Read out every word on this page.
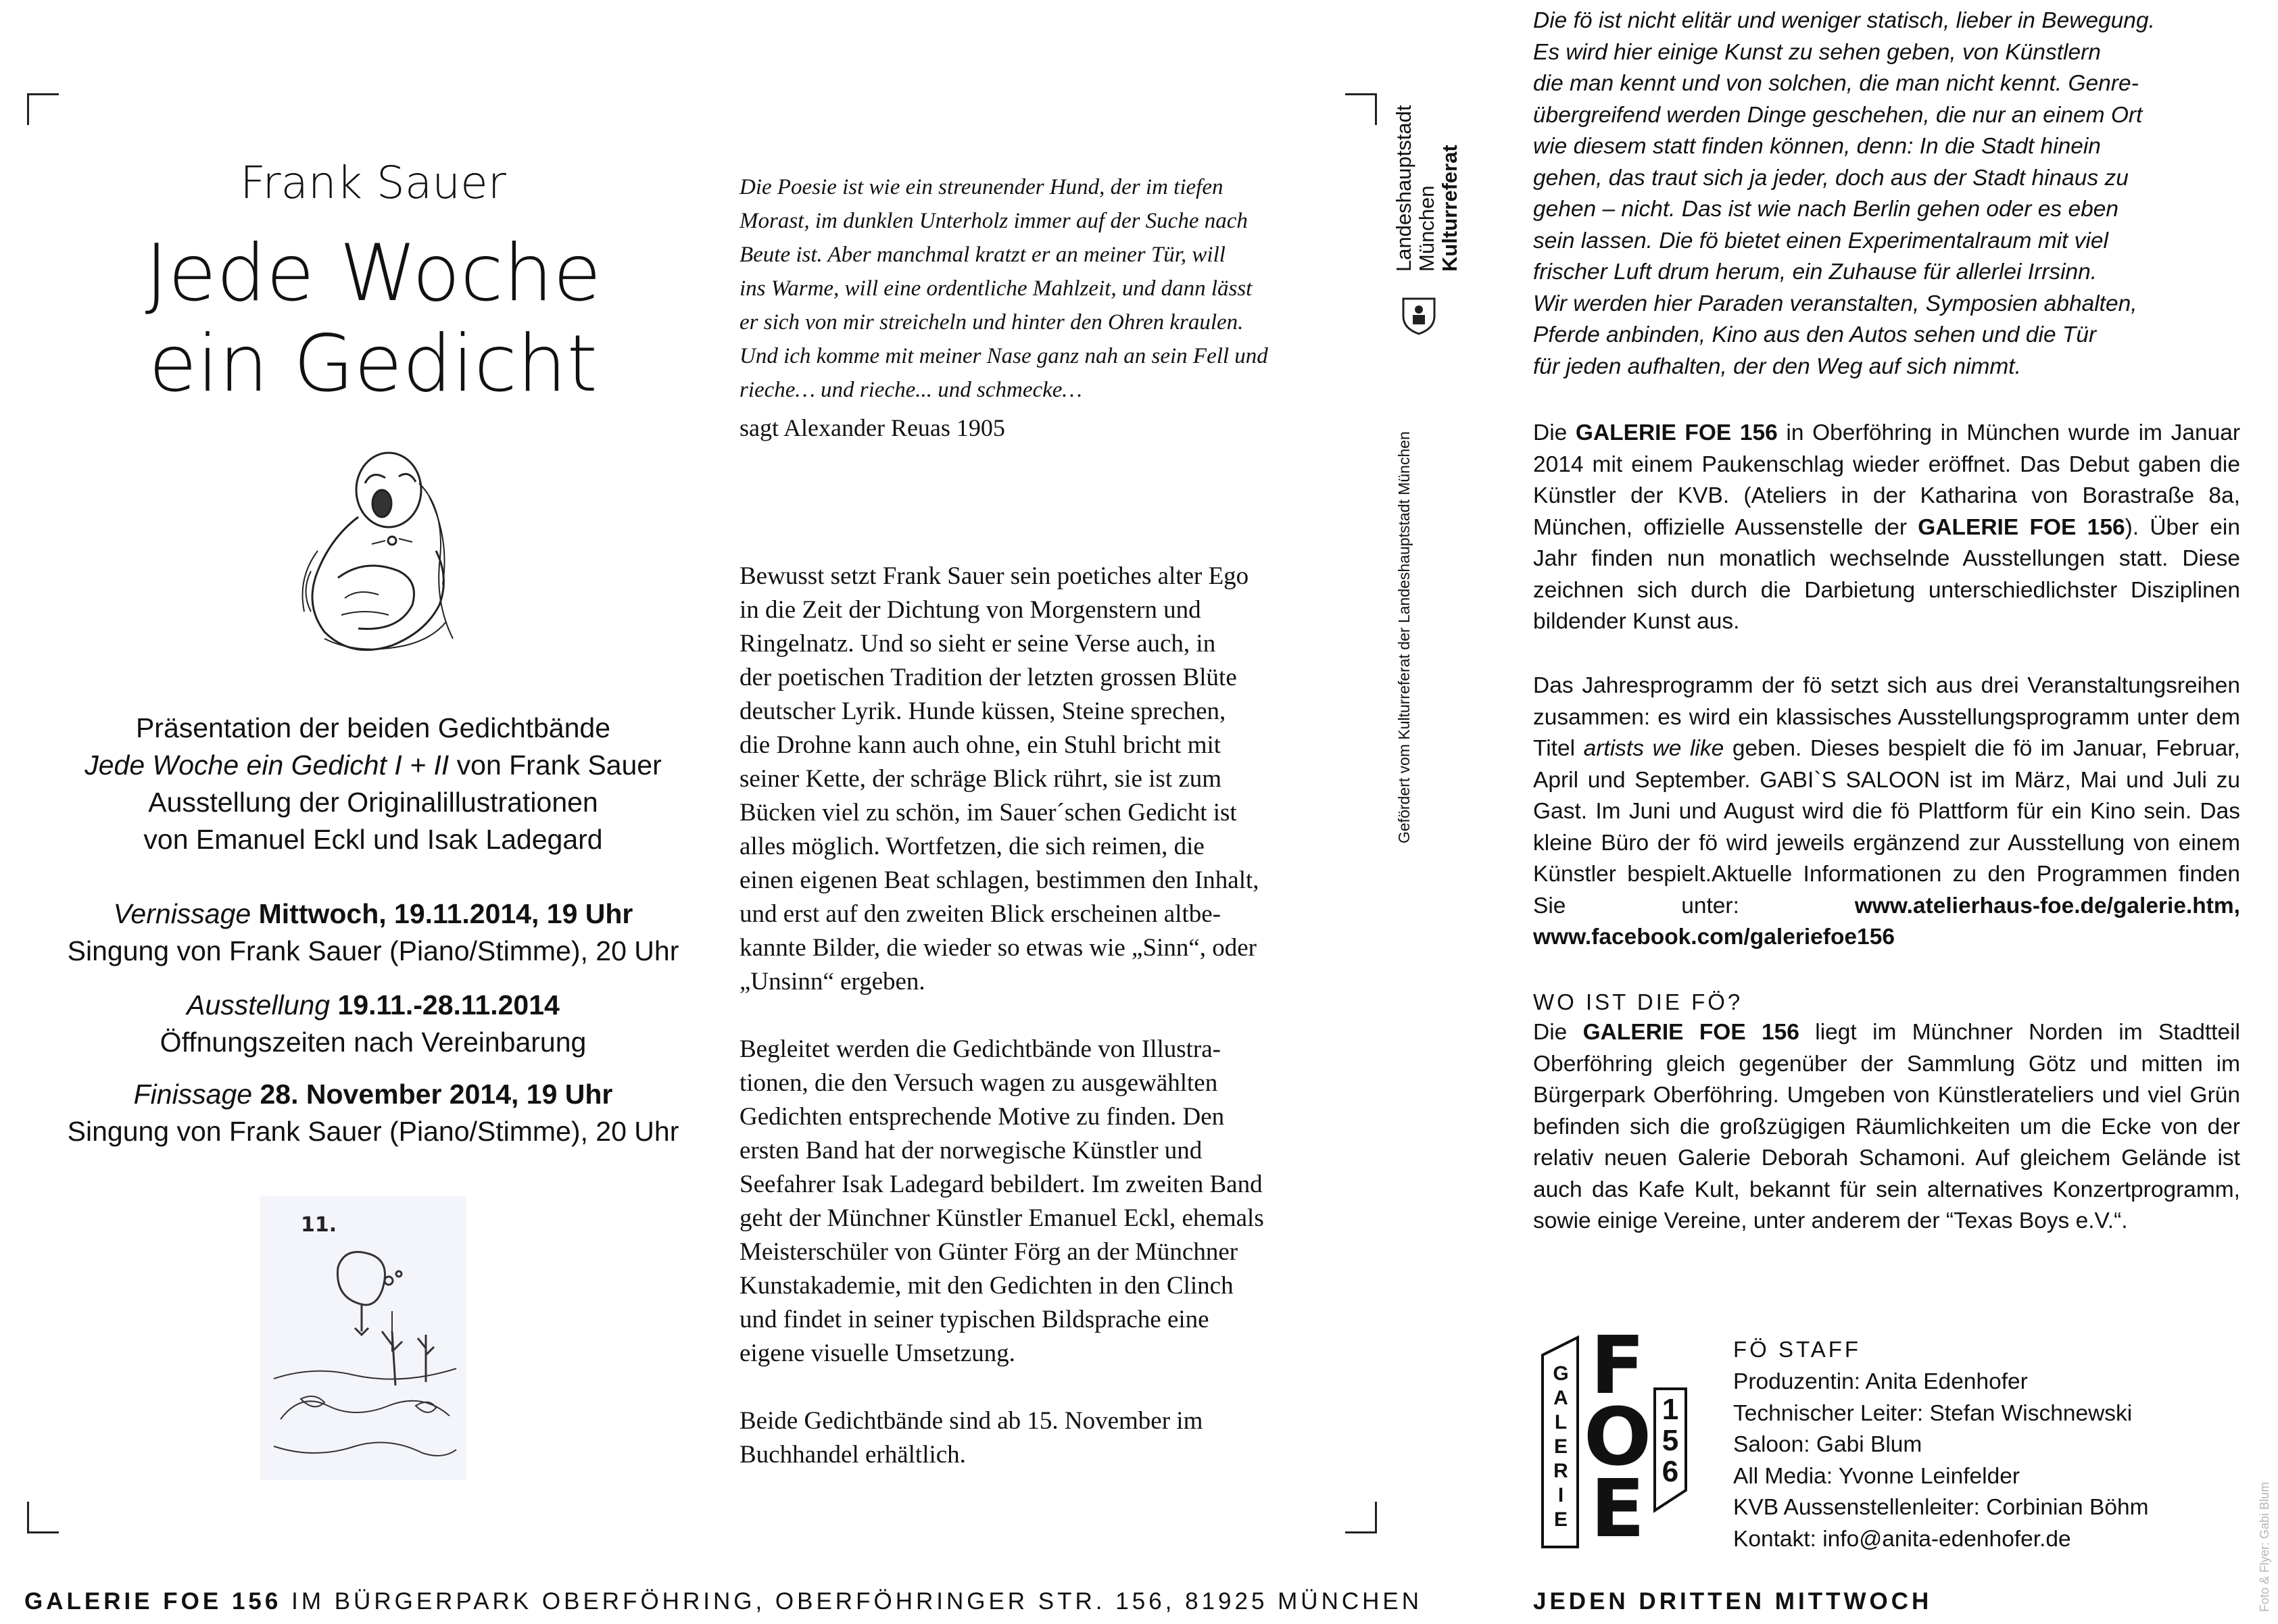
Frank Sauer
Jede Woche
ein Gedicht
Präsentation der beiden Gedichtbände
Jede Woche ein Gedicht I + II von Frank Sauer
Ausstellung der Originalillustrationen
von Emanuel Eckl und Isak Ladegard
Vernissage Mittwoch, 19.11.2014, 19 Uhr
Singung von Frank Sauer (Piano/Stimme), 20 Uhr
Ausstellung 19.11.-28.11.2014
Öffnungszeiten nach Vereinbarung
Finissage 28. November 2014, 19 Uhr
Singung von Frank Sauer (Piano/Stimme), 20 Uhr
11.
Die Poesie ist wie ein streunender Hund, der im tiefen
Morast, im dunklen Unterholz immer auf der Suche nach
Beute ist. Aber manchmal kratzt er an meiner Tür, will
ins Warme, will eine ordentliche Mahlzeit, und dann lässt
er sich von mir streicheln und hinter den Ohren kraulen.
Und ich komme mit meiner Nase ganz nah an sein Fell und
rieche… und rieche... und schmecke…
sagt Alexander Reuas 1905
Bewusst setzt Frank Sauer sein poetiches alter Ego
in die Zeit der Dichtung von Morgenstern und
Ringelnatz. Und so sieht er seine Verse auch, in
der poetischen Tradition der letzten grossen Blüte
deutscher Lyrik. Hunde küssen, Steine sprechen,
die Drohne kann auch ohne, ein Stuhl bricht mit
seiner Kette, der schräge Blick rührt, sie ist zum
Bücken viel zu schön, im Sauer´schen Gedicht ist
alles möglich. Wortfetzen, die sich reimen, die
einen eigenen Beat schlagen, bestimmen den Inhalt,
und erst auf den zweiten Blick erscheinen altbe-
kannte Bilder, die wieder so etwas wie „Sinn“, oder
„Unsinn“ ergeben.
Begleitet werden die Gedichtbände von Illustra-
tionen, die den Versuch wagen zu ausgewählten
Gedichten entsprechende Motive zu finden. Den
ersten Band hat der norwegische Künstler und
Seefahrer Isak Ladegard bebildert. Im zweiten Band
geht der Münchner Künstler Emanuel Eckl, ehemals
Meisterschüler von Günter Förg an der Münchner
Kunstakademie, mit den Gedichten in den Clinch
und findet in seiner typischen Bildsprache eine
eigene visuelle Umsetzung.
Beide Gedichtbände sind ab 15. November im
Buchhandel erhältlich.
Landeshauptstadt München Kulturreferat
Gefördert vom Kulturreferat der Landeshauptstadt München
Die fö ist nicht elitär und weniger statisch, lieber in Bewegung.
Es wird hier einige Kunst zu sehen geben, von Künstlern
die man kennt und von solchen, die man nicht kennt. Genre-
übergreifend werden Dinge geschehen, die nur an einem Ort
wie diesem statt finden können, denn: In die Stadt hinein
gehen, das traut sich ja jeder, doch aus der Stadt hinaus zu
gehen – nicht. Das ist wie nach Berlin gehen oder es eben
sein lassen. Die fö bietet einen Experimentalraum mit viel
frischer Luft drum herum, ein Zuhause für allerlei Irrsinn.
Wir werden hier Paraden veranstalten, Symposien abhalten,
Pferde anbinden, Kino aus den Autos sehen und die Tür
für jeden aufhalten, der den Weg auf sich nimmt.
Die GALERIE FOE 156 in Oberföhring in München wurde im Januar 2014 mit einem Paukenschlag wieder eröffnet. Das Debut gaben die Künstler der KVB. (Ateliers in der Katharina von Borastraße 8a, München, offizielle Aussenstelle der GALERIE FOE 156). Über ein Jahr finden nun monatlich wechselnde Ausstellungen statt. Diese zeichnen sich durch die Darbietung unterschiedlichster Disziplinen bildender Kunst aus.
Das Jahresprogramm der fö setzt sich aus drei Veranstaltungsreihen zusammen: es wird ein klassisches Ausstellungsprogramm unter dem Titel artists we like geben. Dieses bespielt die fö im Januar, Februar, April und September. GABI`S SALOON ist im März, Mai und Juli zu Gast. Im Juni und August wird die fö Plattform für ein Kino sein. Das kleine Büro der fö wird jeweils ergänzend zur Ausstellung von einem Künstler bespielt.Aktuelle Informationen zu den Programmen finden Sie unter: www.atelierhaus-foe.de/galerie.htm, www.facebook.com/galeriefoe156
WO IST DIE FÖ?
Die GALERIE FOE 156 liegt im Münchner Norden im Stadtteil Oberföhring gleich gegenüber der Sammlung Götz und mitten im Bürgerpark Oberföhring. Umgeben von Künstlerateliers und viel Grün befinden sich die großzügigen Räumlichkeiten um die Ecke von der relativ neuen Galerie Deborah Schamoni. Auf gleichem Gelände ist auch das Kafe Kult, bekannt für sein alternatives Konzertprogramm, sowie einige Vereine, unter anderem der “Texas Boys e.V.“.
G
A
L
E
R
I
E
F
O
E
1
5
6
FÖ STAFF
Produzentin: Anita Edenhofer
Technischer Leiter: Stefan Wischnewski
Saloon: Gabi Blum
All Media: Yvonne Leinfelder
KVB Aussenstellenleiter: Corbinian Böhm
Kontakt: info@anita-edenhofer.de	Foto & Flyer: Gabi Blum
GALERIE FOE 156 IM BÜRGERPARK OBERFÖHRING, OBERFÖHRINGER STR. 156, 81925 MÜNCHEN	JEDEN DRITTEN MITTWOCH
